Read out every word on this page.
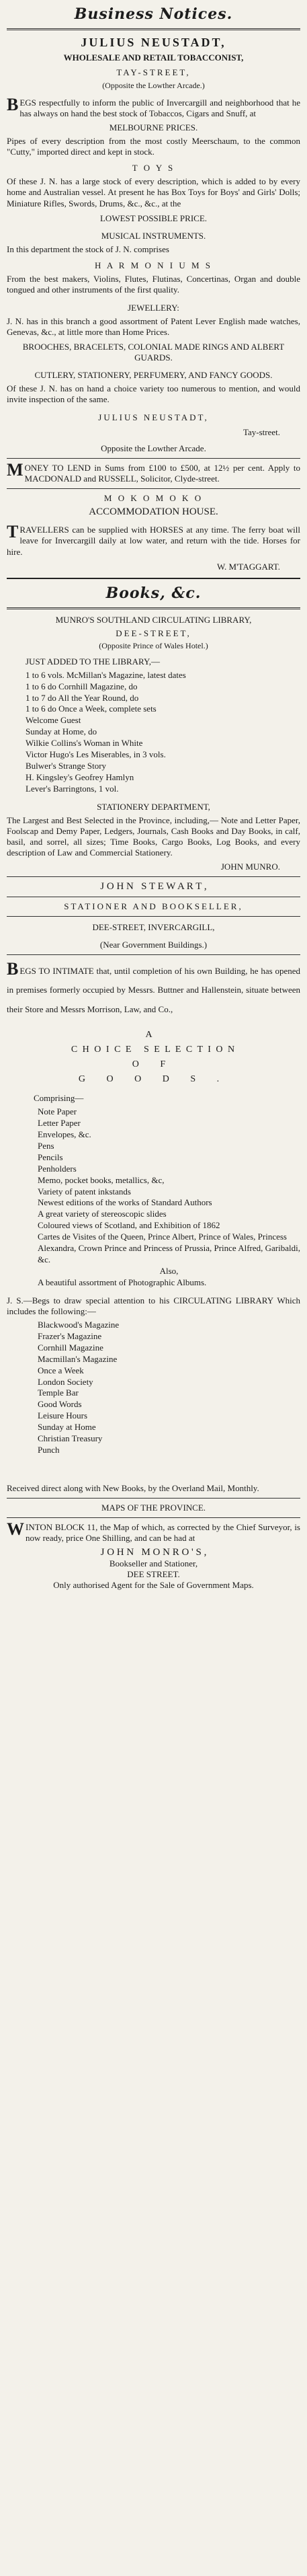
Business Notices.
JULIUS NEUSTADT,
WHOLESALE AND RETAIL TOBACCONIST,
TAY-STREET,
(Opposite the Lowther Arcade.)

BEGS respectfully to inform the public of Invercargill and neighborhood that he has always on hand the best stock of Tobaccos, Cigars and Snuff, at

MELBOURNE PRICES.

Pipes of every description from the most costly Meerschaum, to the common "Cutty," imported direct and kept in stock.

T O Y S

Of these J. N. has a large stock of every description, which is added to by every home and Australian vessel. At present he has Box Toys for Boys' and Girls' Dolls; Miniature Rifles, Swords, Drums, &c., &c., at the

LOWEST POSSIBLE PRICE.
MUSICAL INSTRUMENTS.

In this department the stock of J. N. comprises

H A R M O N I U M S

From the best makers, Violins, Flutes, Flutinas, Concertinas, Organ and double tongued and other instruments of the first quality.

JEWELLERY:

J. N. has in this branch a good assortment of Patent Lever English made watches, Genevas, &c., at little more than Home Prices.

BROOCHES, BRACELETS, COLONIAL MADE RINGS AND ALBERT GUARDS.
CUTLERY, STATIONERY, PERFUMERY, AND FANCY GOODS.

Of these J. N. has on hand a choice variety too numerous to mention, and would invite inspection of the same.

JULIUS NEUSTADT,
Tay-street.
Opposite the Lowther Arcade.

MONEY TO LEND in Sums from £100 to £500, at 12½ per cent. Apply to MACDONALD and RUSSELL, Solicitor, Clyde-street.

M O K O M O K O
ACCOMMODATION HOUSE.

TRAVELLERS can be supplied with HORSES at any time. The ferry boat will leave for Invercargill daily at low water, and return with the tide. Horses for hire.

W. M'TAGGART.
Books, &c.
MUNRO'S SOUTHLAND CIRCULATING LIBRARY,
DEE-STREET,
(Opposite Prince of Wales Hotel.)
JUST ADDED TO THE LIBRARY,—
1 to 6 vols. McMillan's Magazine, latest dates
1 to 6 do Cornhill Magazine, do
1 to 7 do All the Year Round, do
1 to 6 do Once a Week, complete sets
Welcome Guest
Sunday at Home, do
Wilkie Collins's Woman in White
Victor Hugo's Les Miserables, in 3 vols.
Bulwer's Strange Story
H. Kingsley's Geofrey Hamlyn
Lever's Barringtons, 1 vol.
STATIONERY DEPARTMENT,

The Largest and Best Selected in the Province, including,— Note and Letter Paper, Foolscap and Demy Paper, Ledgers, Journals, Cash Books and Day Books, in calf, basil, and sorrel, all sizes; Time Books, Cargo Books, Log Books, and every description of Law and Commercial Stationery.

JOHN MUNRO.
J O H N   S T E W A R T ,
STATIONER AND BOOKSELLER,
DEE-STREET, INVERCARGILL,
(Near Government Buildings.)

BEGS TO INTIMATE that, until completion of his own Building, he has opened in premises formerly occupied by Messrs. Buttner and Hallenstein, situate between their Store and Messrs Morrison, Law, and Co.,

A
C H O I C E   S E L E C T I O N
O F
G O O D S .
Comprising—
Note Paper
Letter Paper
Envelopes, &c.
Pens
Pencils
Penholders
Memo, pocket books, metallics, &c,
Variety of patent inkstands
Newest editions of the works of Standard Authors
A great variety of stereoscopic slides
Coloured views of Scotland, and Exhibition of 1862
Cartes de Visites of the Queen, Prince Albert, Prince of Wales, Princess Alexandra, Crown Prince and Princess of Prussia, Prince Alfred, Garibaldi, &c.
Also,
A beautiful assortment of Photographic Albums.

J. S.—Begs to draw special attention to his CIRCULATING LIBRARY Which includes the following:—

Blackwood's Magazine
Frazer's Magazine
Cornhill Magazine
Macmillan's Magazine
Once a Week
London Society
Temple Bar
Good Words
Leisure Hours
Sunday at Home
Christian Treasury
Punch

Received direct along with New Books, by the Overland Mail, Monthly.

MAPS OF THE PROVINCE.

WINTON BLOCK 11, the Map of which, as corrected by the Chief Surveyor, is now ready, price One Shilling, and can be had at

J O H N   M O N R O ' S ,
Bookseller and Stationer,
DEE STREET.
Only authorised Agent for the Sale of Government Maps.
